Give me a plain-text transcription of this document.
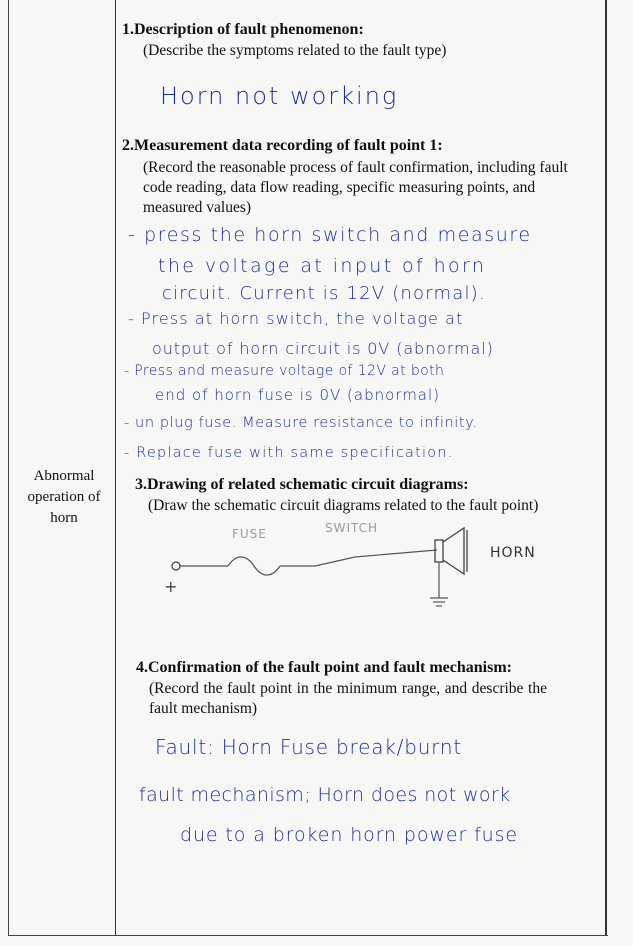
Abnormal operation of horn
1.Description of fault phenomenon:
(Describe the symptoms related to the fault type)
Horn not working
2.Measurement data recording of fault point 1:
(Record the reasonable process of fault confirmation, including fault code reading, data flow reading, specific measuring points, and measured values)
- press the horn switch and measure
the voltage at input of horn
circuit. Current is 12V (normal).
- Press at horn switch, the voltage at
output of horn circuit is 0V (abnormal)
- Press and measure voltage of 12V at both
end of horn fuse is 0V (abnormal)
- un plug fuse. Measure resistance to infinity.
- Replace fuse with same specification.
3.Drawing of related schematic circuit diagrams:
(Draw the schematic circuit diagrams related to the fault point)
FUSE	SWITCH
HORN
+
4.Confirmation of the fault point and fault mechanism:
(Record the fault point in the minimum range, and describe the fault mechanism)
Fault: Horn Fuse break/burnt
fault mechanism; Horn does not work
due to a broken horn power fuse
